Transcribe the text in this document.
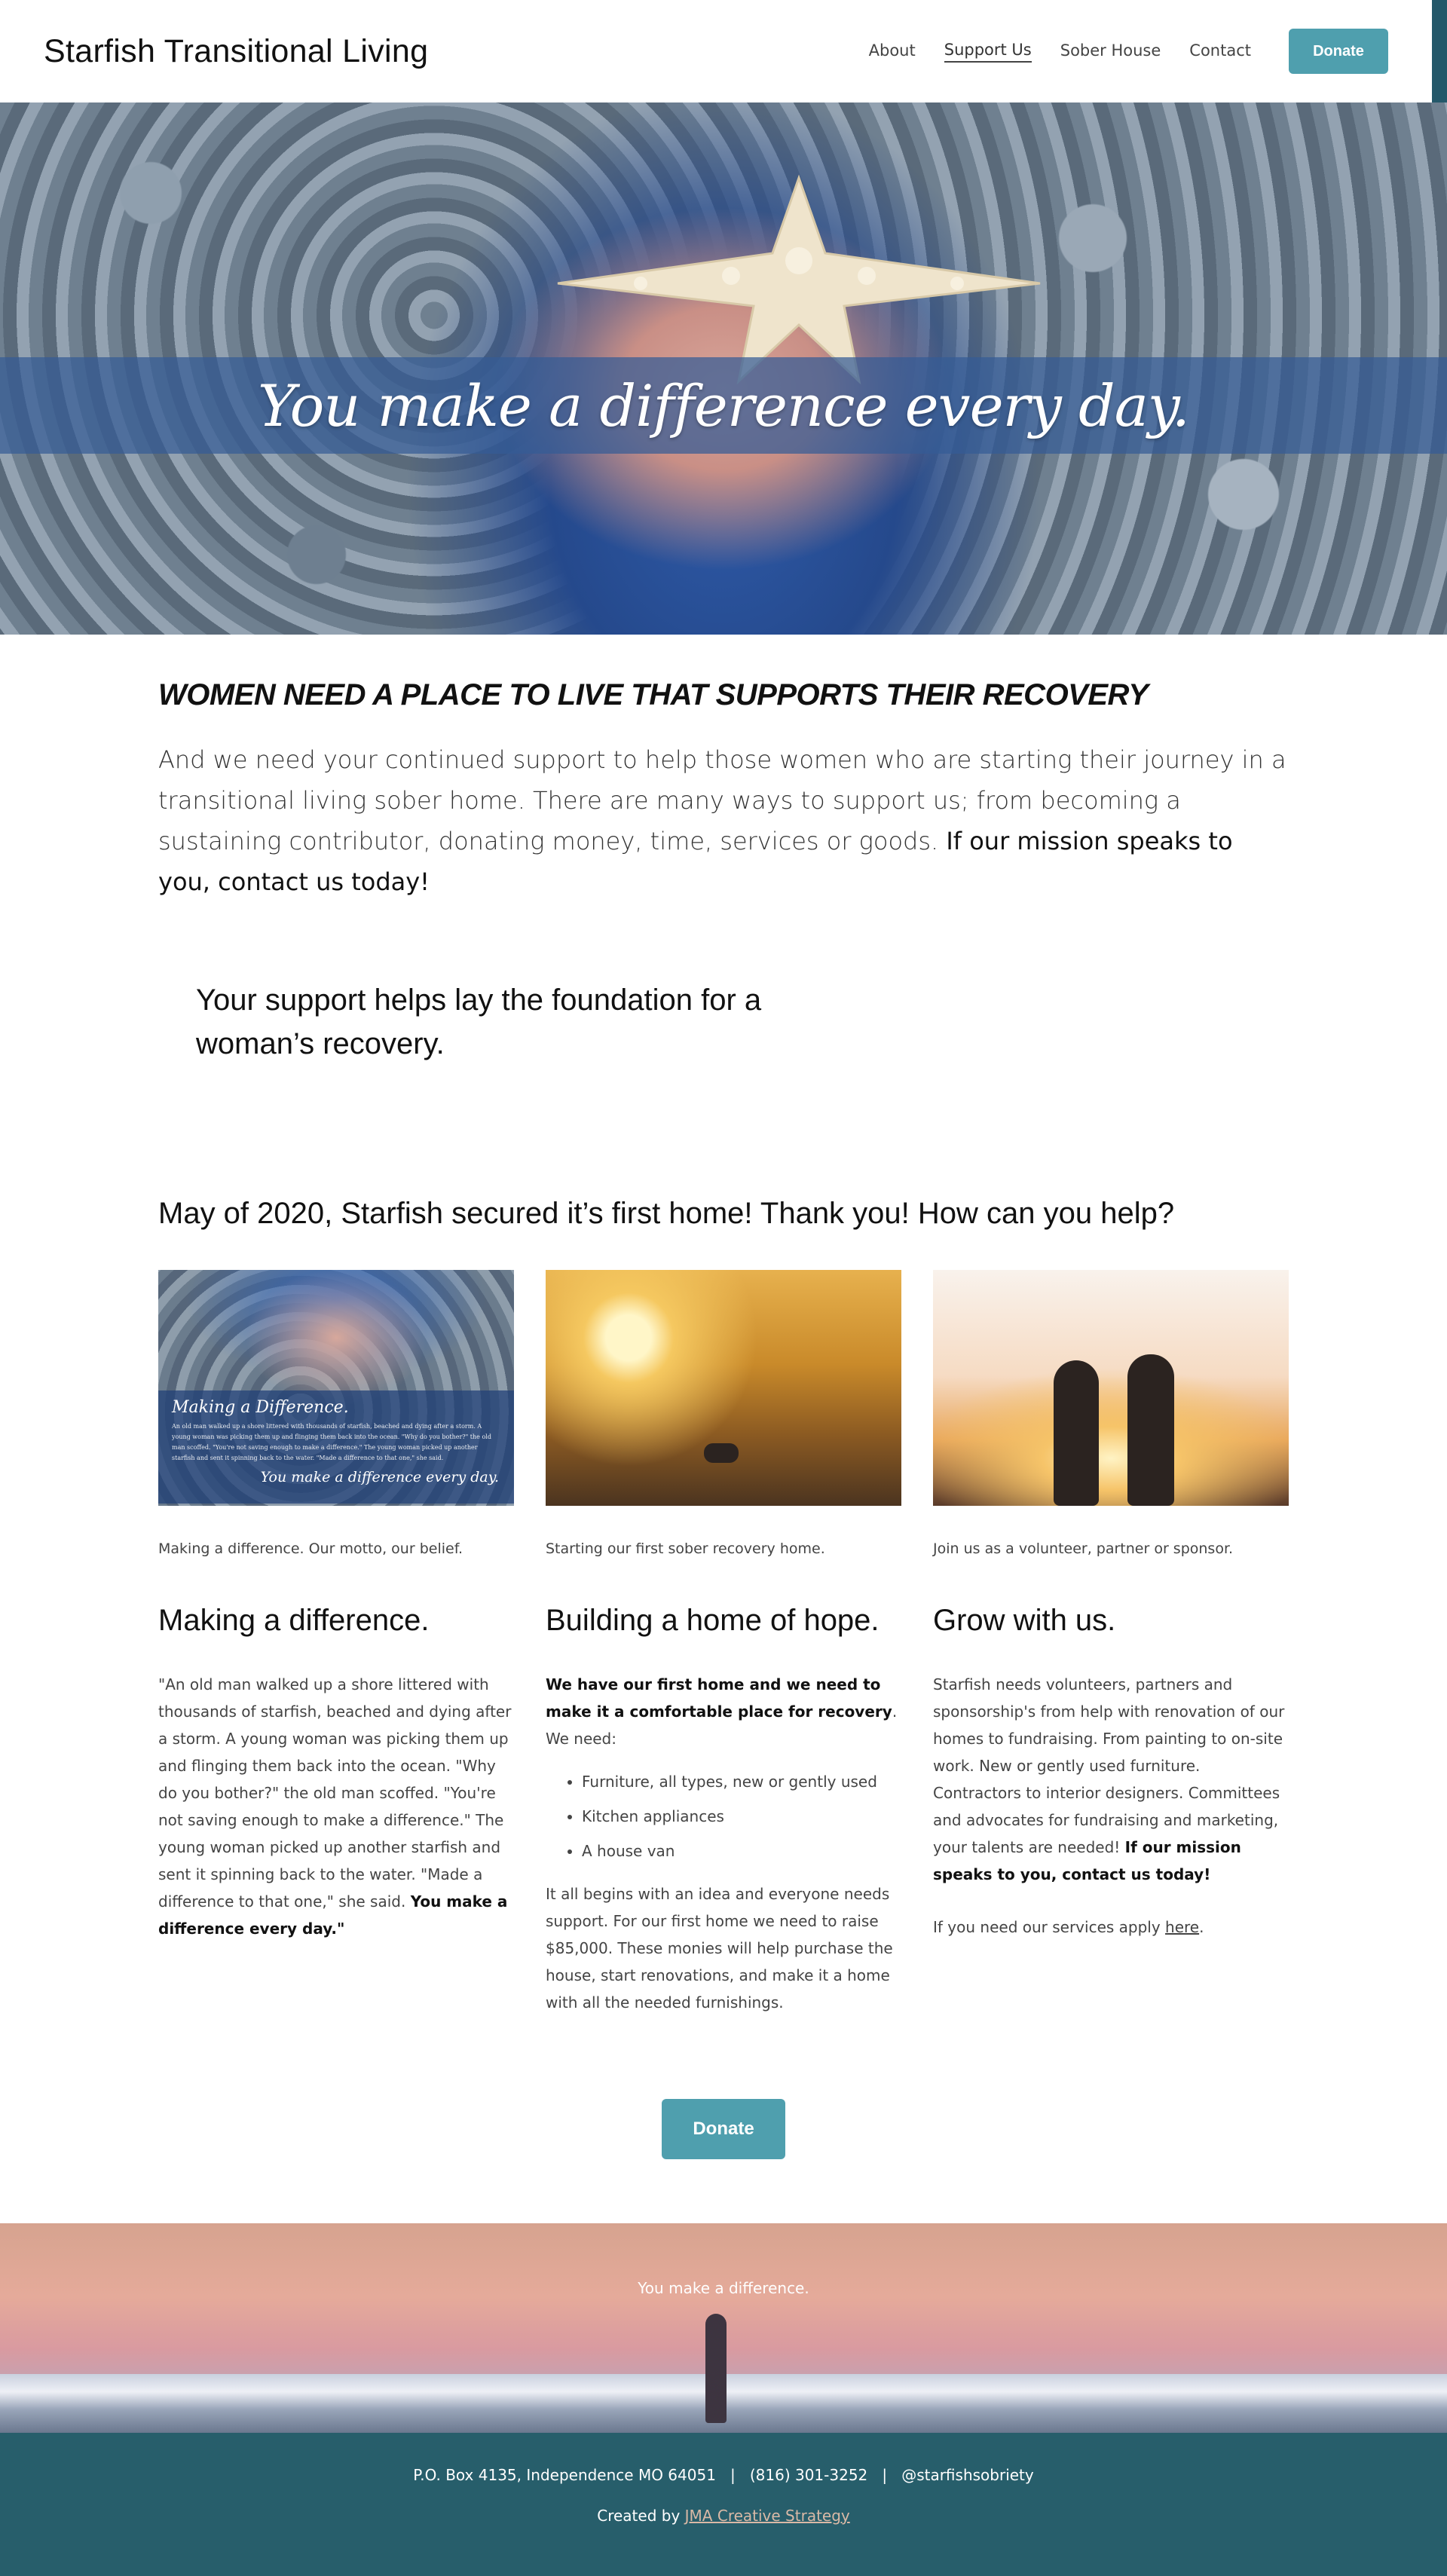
Starfish Transitional Living	About Support Us Sober House Contact	Donate
You make a difference every day.
WOMEN NEED A PLACE TO LIVE THAT SUPPORTS THEIR RECOVERY

And we need your continued support to help those women who are starting their journey in a transitional living sober home. There are many ways to support us; from becoming a sustaining contributor, donating money, time, services or goods. If our mission speaks to you, contact us today!

Your support helps lay the foundation for a woman’s recovery.
May of 2020, Starfish secured it’s first home! Thank you! How can you help?
Making a Difference.
An old man walked up a shore littered with thousands of starfish, beached and dying after a storm. A young woman was picking them up and flinging them back into the ocean. "Why do you bother?" the old man scoffed. "You're not saving enough to make a difference." The young woman picked up another starfish and sent it spinning back to the water. "Made a difference to that one," she said.
You make a difference every day.
Making a difference. Our motto, our belief.
Making a difference.
"An old man walked up a shore littered with thousands of starfish, beached and dying after a storm. A young woman was picking them up and flinging them back into the ocean. "Why do you bother?" the old man scoffed. "You're not saving enough to make a difference." The young woman picked up another starfish and sent it spinning back to the water. "Made a difference to that one," she said. You make a difference every day."
Starting our first sober recovery home.
Building a home of hope.
We have our first home and we need to make it a comfortable place for recovery. We need:
• Furniture, all types, new or gently used
• Kitchen appliances
• A house van
It all begins with an idea and everyone needs support. For our first home we need to raise $85,000. These monies will help purchase the house, start renovations, and make it a home with all the needed furnishings.
Join us as a volunteer, partner or sponsor.
Grow with us.
Starfish needs volunteers, partners and sponsorship's from help with renovation of our homes to fundraising. From painting to on-site work. New or gently used furniture. Contractors to interior designers. Committees and advocates for fundraising and marketing, your talents are needed! If our mission speaks to you, contact us today!
If you need our services apply here.
Donate
You make a difference.
P.O. Box 4135, Independence MO 64051 | (816) 301-3252 | @starfishsobriety
Created by JMA Creative Strategy
